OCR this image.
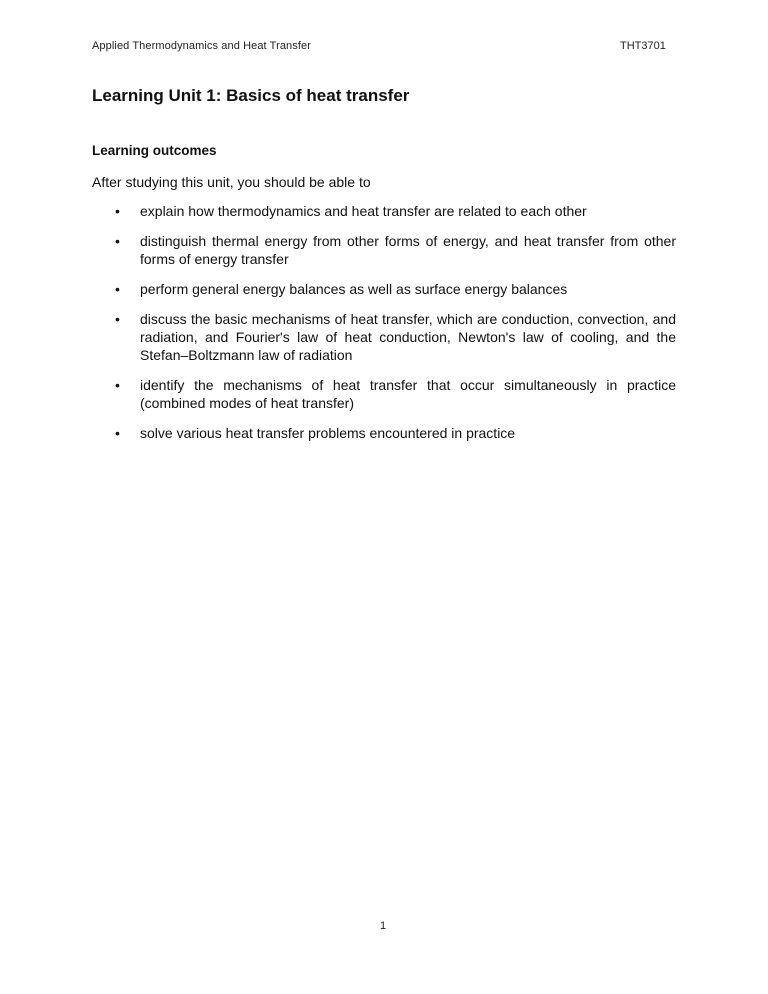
Applied Thermodynamics and Heat Transfer	THT3701
Learning Unit 1: Basics of heat transfer
Learning outcomes

After studying this unit, you should be able to

• explain how thermodynamics and heat transfer are related to each other
• distinguish thermal energy from other forms of energy, and heat transfer from other forms of energy transfer
• perform general energy balances as well as surface energy balances
• discuss the basic mechanisms of heat transfer, which are conduction, convection, and radiation, and Fourier's law of heat conduction, Newton's law of cooling, and the Stefan–Boltzmann law of radiation
• identify the mechanisms of heat transfer that occur simultaneously in practice (combined modes of heat transfer)
• solve various heat transfer problems encountered in practice
1
